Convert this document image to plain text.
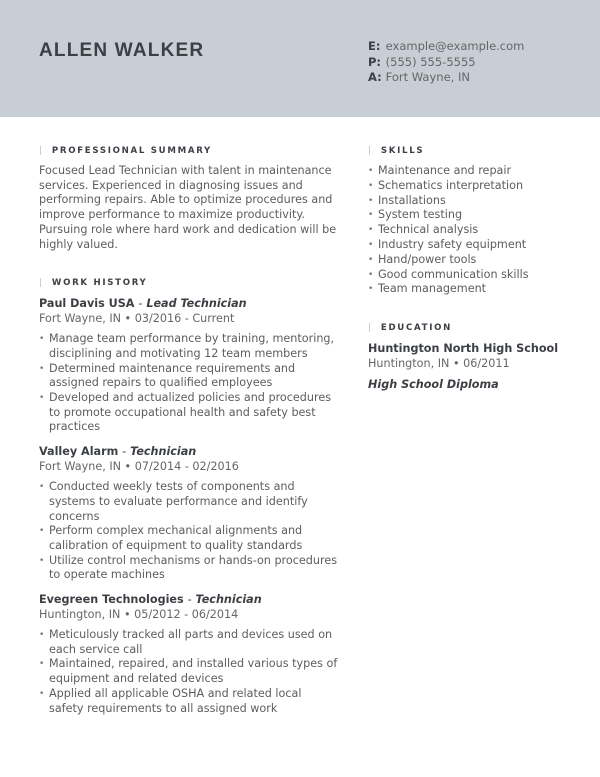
ALLEN WALKER	E: example@example.com
P: (555) 555-5555
A: Fort Wayne, IN
| PROFESSIONAL SUMMARY

Focused Lead Technician with talent in maintenance services. Experienced in diagnosing issues and performing repairs. Able to optimize procedures and improve performance to maximize productivity. Pursuing role where hard work and dedication will be highly valued.

| WORK HISTORY
Paul Davis USA - Lead Technician
Fort Wayne, IN • 03/2016 - Current
• Manage team performance by training, mentoring, disciplining and motivating 12 team members
• Determined maintenance requirements and assigned repairs to qualified employees
• Developed and actualized policies and procedures to promote occupational health and safety best practices
Valley Alarm - Technician
Fort Wayne, IN • 07/2014 - 02/2016
• Conducted weekly tests of components and systems to evaluate performance and identify concerns
• Perform complex mechanical alignments and calibration of equipment to quality standards
• Utilize control mechanisms or hands-on procedures to operate machines
Evegreen Technologies - Technician
Huntington, IN • 05/2012 - 06/2014
• Meticulously tracked all parts and devices used on each service call
• Maintained, repaired, and installed various types of equipment and related devices
• Applied all applicable OSHA and related local safety requirements to all assigned work
| SKILLS
• Maintenance and repair
• Schematics interpretation
• Installations
• System testing
• Technical analysis
• Industry safety equipment
• Hand/power tools
• Good communication skills
• Team management
| EDUCATION
Huntington North High School
Huntington, IN • 06/2011
High School Diploma
